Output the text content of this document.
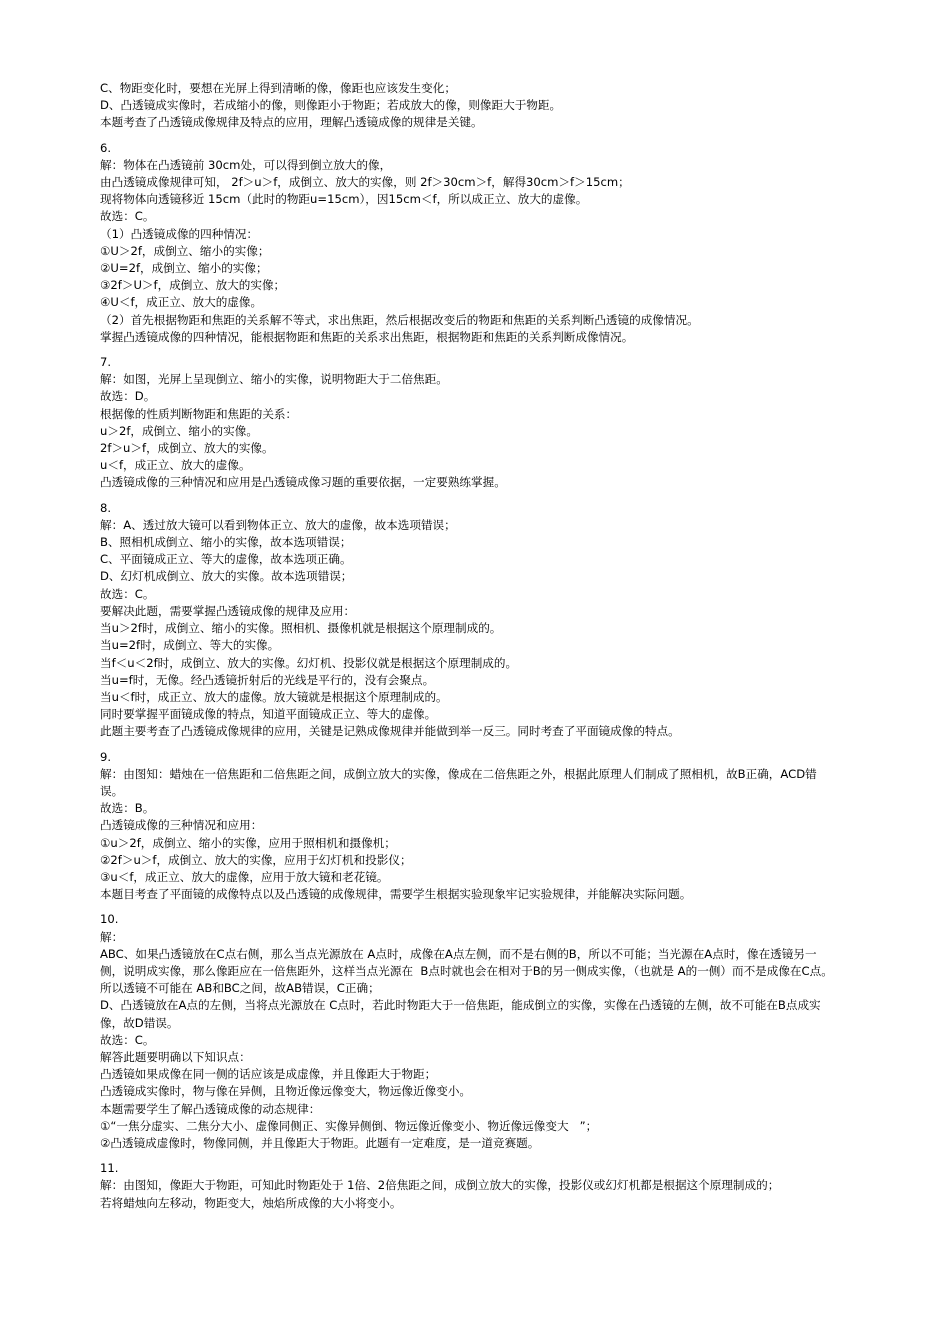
C、物距变化时，要想在光屏上得到清晰的像，像距也应该发生变化；
D、凸透镜成实像时，若成缩小的像，则像距小于物距；若成放大的像，则像距大于物距。
本题考查了凸透镜成像规律及特点的应用，理解凸透镜成像的规律是关键。
6.
解：物体在凸透镜前 30cm处，可以得到倒立放大的像，
由凸透镜成像规律可知， 2f＞u＞f，成倒立、放大的实像，则 2f＞30cm＞f，解得30cm＞f＞15cm；
现将物体向透镜移近 15cm（此时的物距u=15cm），因15cm＜f，所以成正立、放大的虚像。
故选：C。
（1）凸透镜成像的四种情况：
①U＞2f，成倒立、缩小的实像；
②U=2f，成倒立、缩小的实像；
③2f＞U＞f，成倒立、放大的实像；
④U＜f，成正立、放大的虚像。
（2）首先根据物距和焦距的关系解不等式，求出焦距，然后根据改变后的物距和焦距的关系判断凸透镜的成像情况。
掌握凸透镜成像的四种情况，能根据物距和焦距的关系求出焦距，根据物距和焦距的关系判断成像情况。
7.
解：如图，光屏上呈现倒立、缩小的实像，说明物距大于二倍焦距。
故选：D。
根据像的性质判断物距和焦距的关系：
u＞2f，成倒立、缩小的实像。
2f＞u＞f，成倒立、放大的实像。
u＜f，成正立、放大的虚像。
凸透镜成像的三种情况和应用是凸透镜成像习题的重要依据，一定要熟练掌握。
8.
解：A、透过放大镜可以看到物体正立、放大的虚像，故本选项错误；
B、照相机成倒立、缩小的实像，故本选项错误；
C、平面镜成正立、等大的虚像，故本选项正确。
D、幻灯机成倒立、放大的实像。故本选项错误；
故选：C。
要解决此题，需要掌握凸透镜成像的规律及应用：
当u＞2f时，成倒立、缩小的实像。照相机、摄像机就是根据这个原理制成的。
当u=2f时，成倒立、等大的实像。
当f＜u＜2f时，成倒立、放大的实像。幻灯机、投影仪就是根据这个原理制成的。
当u=f时，无像。经凸透镜折射后的光线是平行的，没有会聚点。
当u＜f时，成正立、放大的虚像。放大镜就是根据这个原理制成的。
同时要掌握平面镜成像的特点，知道平面镜成正立、等大的虚像。
此题主要考查了凸透镜成像规律的应用，关键是记熟成像规律并能做到举一反三。同时考查了平面镜成像的特点。
9.
解：由图知：蜡烛在一倍焦距和二倍焦距之间，成倒立放大的实像，像成在二倍焦距之外，根据此原理人们制成了照相机，故B正确，ACD错误。
故选：B。
凸透镜成像的三种情况和应用：
①u＞2f，成倒立、缩小的实像，应用于照相机和摄像机；
②2f＞u＞f，成倒立、放大的实像，应用于幻灯机和投影仪；
③u＜f，成正立、放大的虚像，应用于放大镜和老花镜。
本题目考查了平面镜的成像特点以及凸透镜的成像规律，需要学生根据实验现象牢记实验规律，并能解决实际问题。
10.
解：
ABC、如果凸透镜放在C点右侧，那么当点光源放在 A点时，成像在A点左侧，而不是右侧的B，所以不可能；当光源在A点时，像在透镜另一侧，说明成实像，那么像距应在一倍焦距外，这样当点光源在  B点时就也会在相对于B的另一侧成实像，（也就是 A的一侧）而不是成像在C点。所以透镜不可能在 AB和BC之间，故AB错误，C正确；
D、凸透镜放在A点的左侧，当将点光源放在 C点时，若此时物距大于一倍焦距，能成倒立的实像，实像在凸透镜的左侧，故不可能在B点成实像，故D错误。
故选：C。
解答此题要明确以下知识点：
凸透镜如果成像在同一侧的话应该是成虚像，并且像距大于物距；
凸透镜成实像时，物与像在异侧，且物近像远像变大，物远像近像变小。
本题需要学生了解凸透镜成像的动态规律：
①“一焦分虚实、二焦分大小、虚像同侧正、实像异侧倒、物远像近像变小、物近像远像变大   ”；
②凸透镜成虚像时，物像同侧，并且像距大于物距。此题有一定难度，是一道竞赛题。
11.
解：由图知，像距大于物距，可知此时物距处于 1倍、2倍焦距之间，成倒立放大的实像，投影仪或幻灯机都是根据这个原理制成的；
若将蜡烛向左移动，物距变大，烛焰所成像的大小将变小。
